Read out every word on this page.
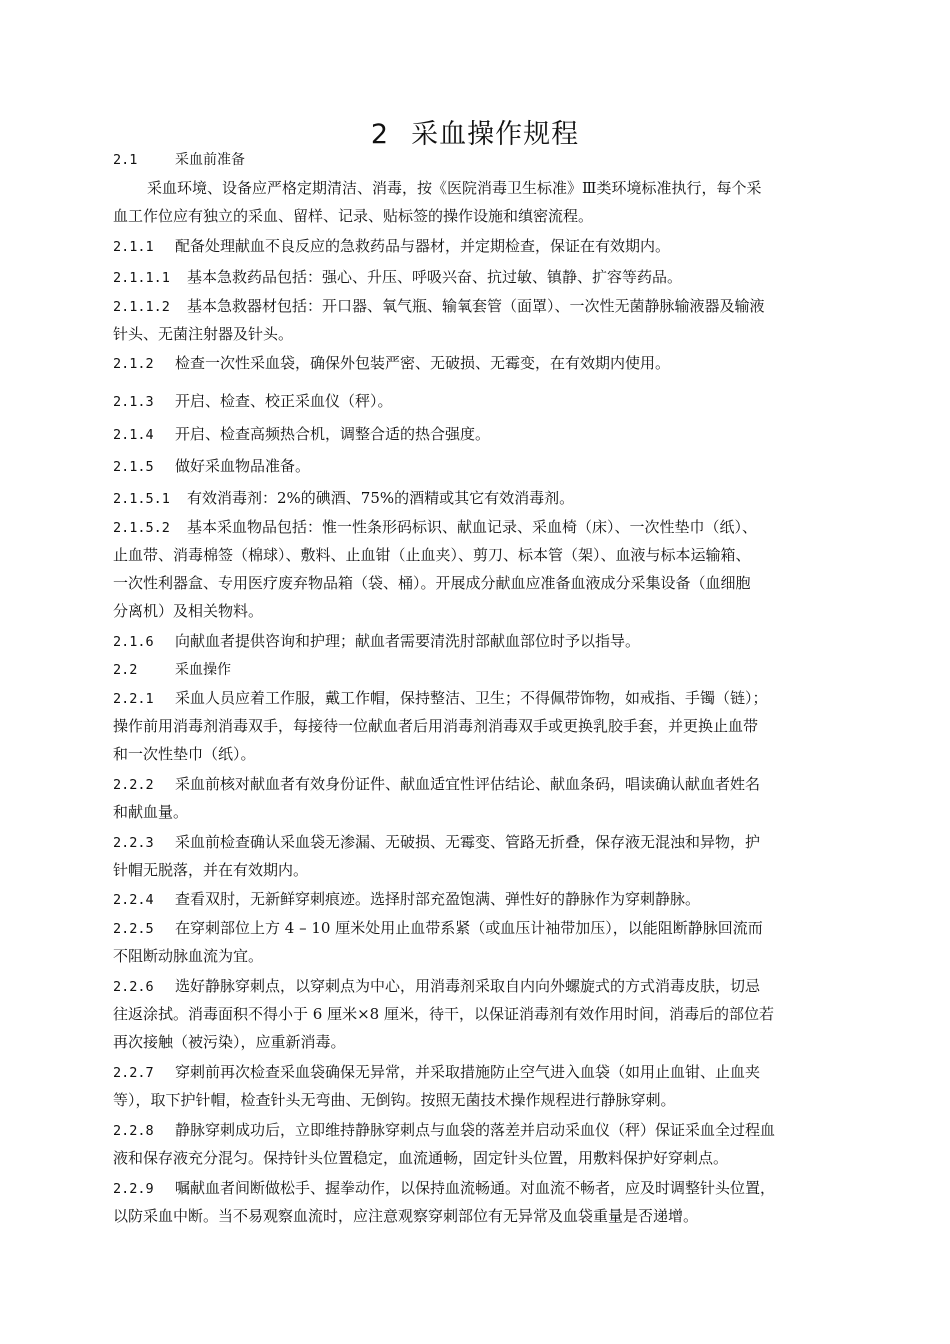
2 采血操作规程
2.1	采血前准备
采血环境、设备应严格定期清洁、消毒，按《医院消毒卫生标准》Ⅲ类环境标准执行，每个采
血工作位应有独立的采血、留样、记录、贴标签的操作设施和缜密流程。
2.1.1 配备处理献血不良反应的急救药品与器材，并定期检查，保证在有效期内。
2.1.1.1 基本急救药品包括：强心、升压、呼吸兴奋、抗过敏、镇静、扩容等药品。
2.1.1.2 基本急救器材包括：开口器、氧气瓶、输氧套管（面罩）、一次性无菌静脉输液器及输液
针头、无菌注射器及针头。
2.1.2 检查一次性采血袋，确保外包装严密、无破损、无霉变，在有效期内使用。
2.1.3 开启、检查、校正采血仪（秤）。
2.1.4 开启、检查高频热合机，调整合适的热合强度。
2.1.5 做好采血物品准备。
2.1.5.1 有效消毒剂：2%的碘酒、75%的酒精或其它有效消毒剂。
2.1.5.2 基本采血物品包括：惟一性条形码标识、献血记录、采血椅（床）、一次性垫巾（纸）、
止血带、消毒棉签（棉球）、敷料、止血钳（止血夹）、剪刀、标本管（架）、血液与标本运输箱、
一次性利器盒、专用医疗废弃物品箱（袋、桶）。开展成分献血应准备血液成分采集设备（血细胞
分离机）及相关物料。
2.1.6 向献血者提供咨询和护理；献血者需要清洗肘部献血部位时予以指导。
2.2	采血操作
2.2.1 采血人员应着工作服，戴工作帽，保持整洁、卫生；不得佩带饰物，如戒指、手镯（链）；
操作前用消毒剂消毒双手，每接待一位献血者后用消毒剂消毒双手或更换乳胶手套，并更换止血带
和一次性垫巾（纸）。
2.2.2 采血前核对献血者有效身份证件、献血适宜性评估结论、献血条码，唱读确认献血者姓名
和献血量。
2.2.3 采血前检查确认采血袋无渗漏、无破损、无霉变、管路无折叠，保存液无混浊和异物，护
针帽无脱落，并在有效期内。
2.2.4 查看双肘，无新鲜穿刺痕迹。选择肘部充盈饱满、弹性好的静脉作为穿刺静脉。
2.2.5 在穿刺部位上方 4 – 10 厘米处用止血带系紧（或血压计袖带加压），以能阻断静脉回流而
不阻断动脉血流为宜。
2.2.6 选好静脉穿刺点，以穿刺点为中心，用消毒剂采取自内向外螺旋式的方式消毒皮肤，切忌
往返涂拭。消毒面积不得小于 6 厘米×8 厘米，待干，以保证消毒剂有效作用时间，消毒后的部位若
再次接触（被污染），应重新消毒。
2.2.7 穿刺前再次检查采血袋确保无异常，并采取措施防止空气进入血袋（如用止血钳、止血夹
等），取下护针帽，检查针头无弯曲、无倒钩。按照无菌技术操作规程进行静脉穿刺。
2.2.8 静脉穿刺成功后，立即维持静脉穿刺点与血袋的落差并启动采血仪（秤）保证采血全过程血
液和保存液充分混匀。保持针头位置稳定，血流通畅，固定针头位置，用敷料保护好穿刺点。
2.2.9 嘱献血者间断做松手、握拳动作，以保持血流畅通。对血流不畅者，应及时调整针头位置，
以防采血中断。当不易观察血流时，应注意观察穿刺部位有无异常及血袋重量是否递增。
